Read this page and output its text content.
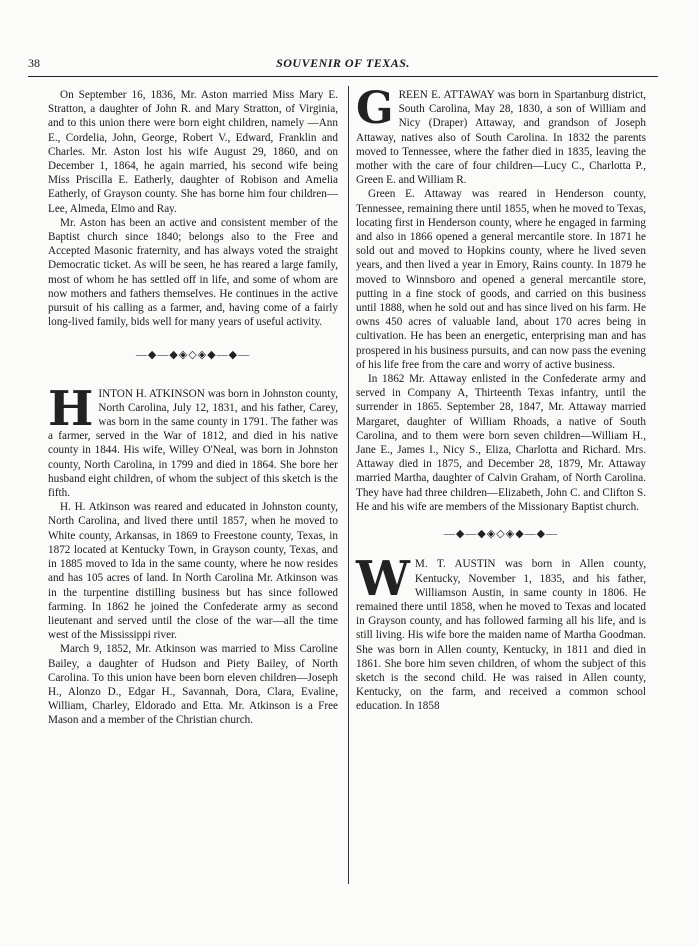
38	SOUVENIR OF TEXAS.

On September 16, 1836, Mr. Aston married Miss Mary E. Stratton, a daughter of John R. and Mary Stratton, of Virginia, and to this union there were born eight children, namely —Ann E., Cordelia, John, George, Robert V., Edward, Franklin and Charles. Mr. Aston lost his wife August 29, 1860, and on December 1, 1864, he again married, his second wife being Miss Priscilla E. Eatherly, daughter of Robison and Amelia Eatherly, of Grayson county. She has borne him four children—Lee, Almeda, Elmo and Ray.

Mr. Aston has been an active and consistent member of the Baptist church since 1840; belongs also to the Free and Accepted Masonic fraternity, and has always voted the straight Democratic ticket. As will be seen, he has reared a large family, most of whom he has settled off in life, and some of whom are now mothers and fathers themselves. He continues in the active pursuit of his calling as a farmer, and, having come of a fairly long-lived family, bids well for many years of useful activity.

—◆—◆◈◇◈◆—◆—

HINTON H. ATKINSON was born in Johnston county, North Carolina, July 12, 1831, and his father, Carey, was born in the same county in 1791. The father was a farmer, served in the War of 1812, and died in his native county in 1844. His wife, Willey O'Neal, was born in Johnston county, North Carolina, in 1799 and died in 1864. She bore her husband eight children, of whom the subject of this sketch is the fifth.

H. H. Atkinson was reared and educated in Johnston county, North Carolina, and lived there until 1857, when he moved to White county, Arkansas, in 1869 to Freestone county, Texas, in 1872 located at Kentucky Town, in Grayson county, Texas, and in 1885 moved to Ida in the same county, where he now resides and has 105 acres of land. In North Carolina Mr. Atkinson was in the turpentine distilling business but has since followed farming. In 1862 he joined the Confederate army as second lieutenant and served until the close of the war—all the time west of the Mississippi river.

March 9, 1852, Mr. Atkinson was married to Miss Caroline Bailey, a daughter of Hudson and Piety Bailey, of North Carolina. To this union have been born eleven children—Joseph H., Alonzo D., Edgar H., Savannah, Dora, Clara, Evaline, William, Charley, Eldorado and Etta. Mr. Atkinson is a Free Mason and a member of the Christian church.

GREEN E. ATTAWAY was born in Spartanburg district, South Carolina, May 28, 1830, a son of William and Nicy (Draper) Attaway, and grandson of Joseph Attaway, natives also of South Carolina. In 1832 the parents moved to Tennessee, where the father died in 1835, leaving the mother with the care of four children—Lucy C., Charlotta P., Green E. and William R.

Green E. Attaway was reared in Henderson county, Tennessee, remaining there until 1855, when he moved to Texas, locating first in Henderson county, where he engaged in farming and also in 1866 opened a general mercantile store. In 1871 he sold out and moved to Hopkins county, where he lived seven years, and then lived a year in Emory, Rains county. In 1879 he moved to Winnsboro and opened a general mercantile store, putting in a fine stock of goods, and carried on this business until 1888, when he sold out and has since lived on his farm. He owns 450 acres of valuable land, about 170 acres being in cultivation. He has been an energetic, enterprising man and has prospered in his business pursuits, and can now pass the evening of his life free from the care and worry of active business.

In 1862 Mr. Attaway enlisted in the Confederate army and served in Company A, Thirteenth Texas infantry, until the surrender in 1865. September 28, 1847, Mr. Attaway married Margaret, daughter of William Rhoads, a native of South Carolina, and to them were born seven children—William H., Jane E., James I., Nicy S., Eliza, Charlotta and Richard. Mrs. Attaway died in 1875, and December 28, 1879, Mr. Attaway married Martha, daughter of Calvin Graham, of North Carolina. They have had three children—Elizabeth, John C. and Clifton S. He and his wife are members of the Missionary Baptist church.

—◆—◆◈◇◈◆—◆—

W M. T. AUSTIN was born in Allen county, Kentucky, November 1, 1835, and his father, Williamson Austin, in same county in 1806. He remained there until 1858, when he moved to Texas and located in Grayson county, and has followed farming all his life, and is still living. His wife bore the maiden name of Martha Goodman. She was born in Allen county, Kentucky, in 1811 and died in 1861. She bore him seven children, of whom the subject of this sketch is the second child. He was raised in Allen county, Kentucky, on the farm, and received a common school education. In 1858
